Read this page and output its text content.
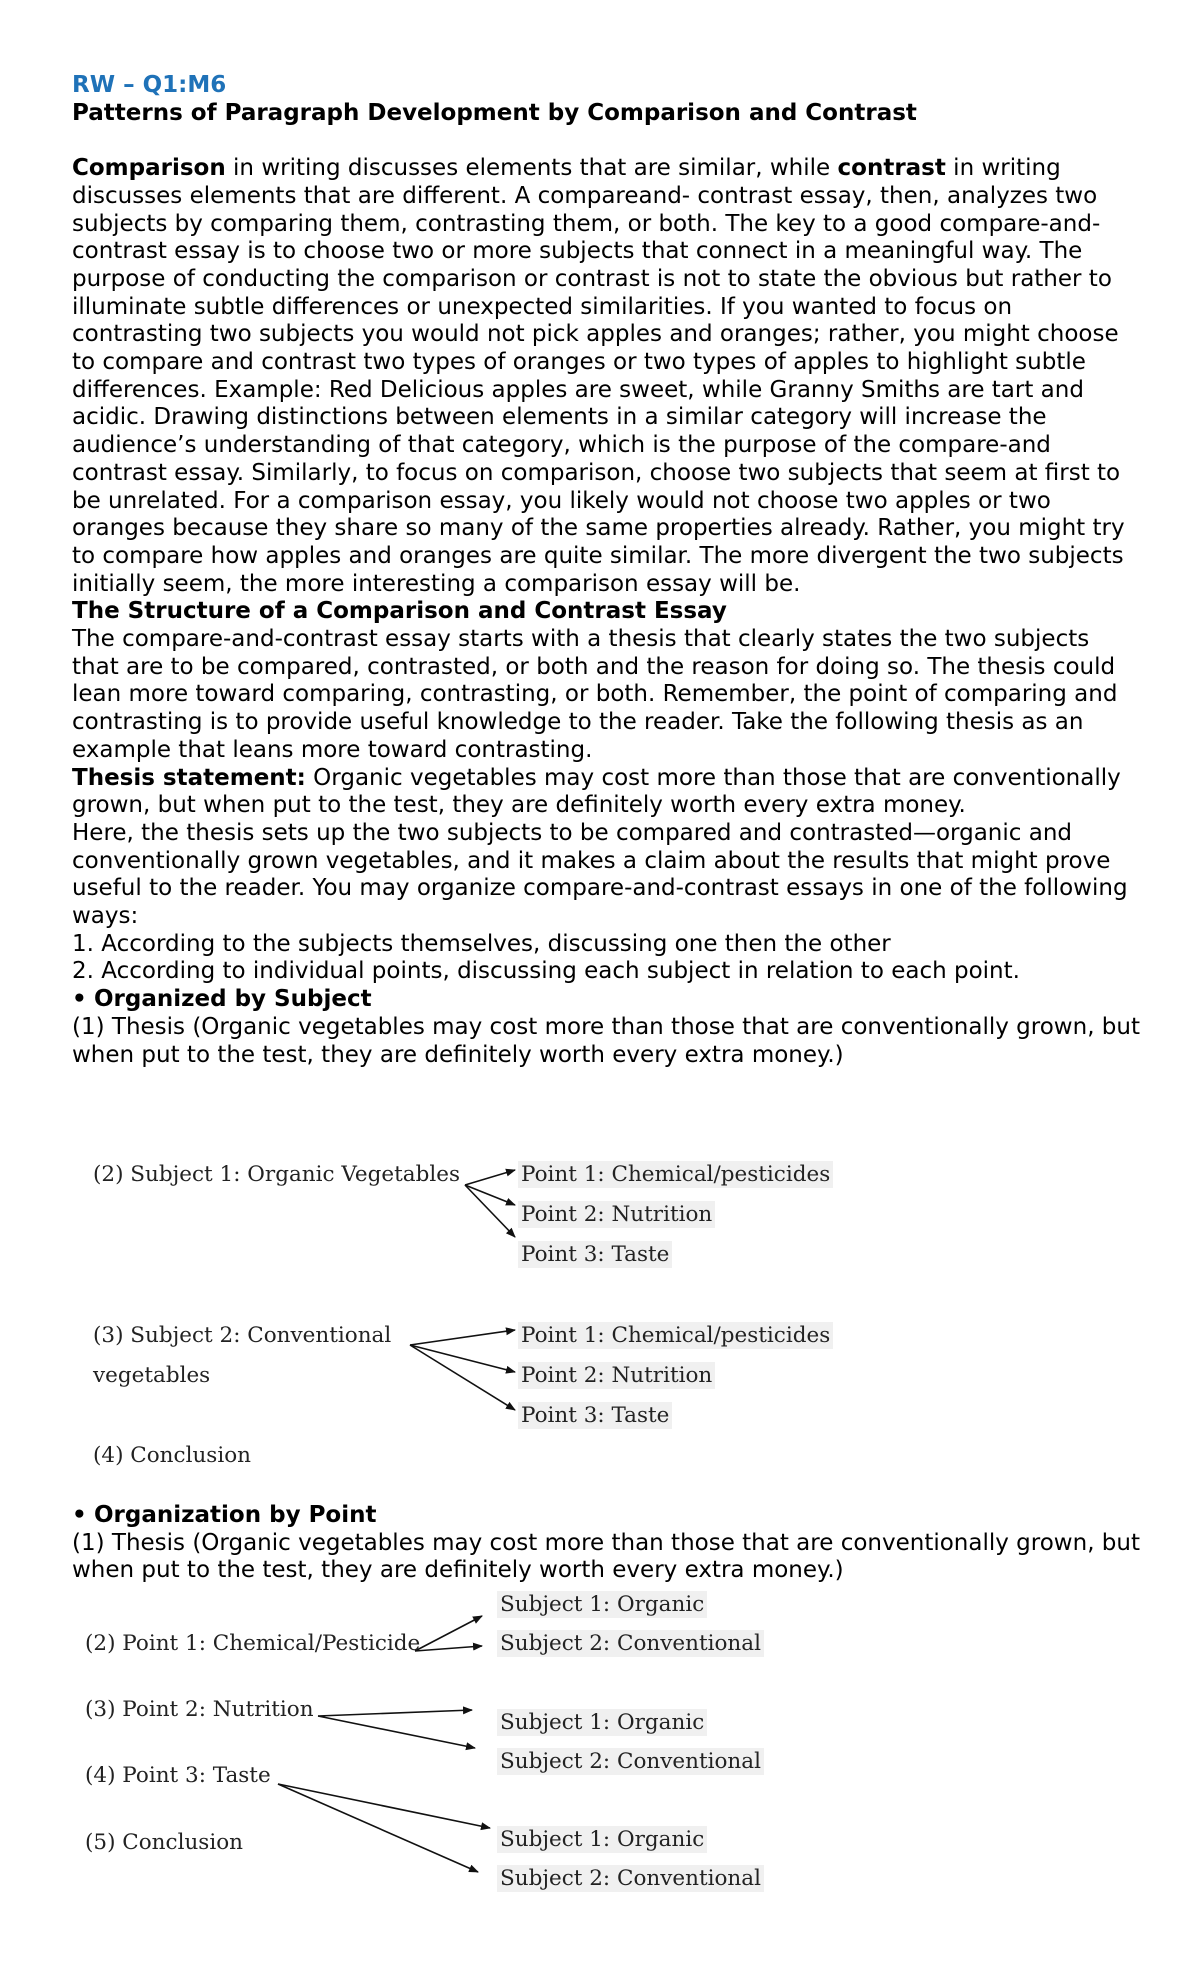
RW – Q1:M6

Patterns of Paragraph Development by Comparison and Contrast

Comparison in writing discusses elements that are similar, while contrast in writing discusses elements that are different. A compareand- contrast essay, then, analyzes two subjects by comparing them, contrasting them, or both. The key to a good compare-and-contrast essay is to choose two or more subjects that connect in a meaningful way. The purpose of conducting the comparison or contrast is not to state the obvious but rather to illuminate subtle differences or unexpected similarities. If you wanted to focus on contrasting two subjects you would not pick apples and oranges; rather, you might choose to compare and contrast two types of oranges or two types of apples to highlight subtle differences. Example: Red Delicious apples are sweet, while Granny Smiths are tart and acidic. Drawing distinctions between elements in a similar category will increase the audience’s understanding of that category, which is the purpose of the compare-and contrast essay. Similarly, to focus on comparison, choose two subjects that seem at first to be unrelated. For a comparison essay, you likely would not choose two apples or two oranges because they share so many of the same properties already. Rather, you might try to compare how apples and oranges are quite similar. The more divergent the two subjects initially seem, the more interesting a comparison essay will be.

The Structure of a Comparison and Contrast Essay

The compare-and-contrast essay starts with a thesis that clearly states the two subjects that are to be compared, contrasted, or both and the reason for doing so. The thesis could lean more toward comparing, contrasting, or both. Remember, the point of comparing and contrasting is to provide useful knowledge to the reader. Take the following thesis as an example that leans more toward contrasting.

Thesis statement: Organic vegetables may cost more than those that are conventionally grown, but when put to the test, they are definitely worth every extra money.

Here, the thesis sets up the two subjects to be compared and contrasted—organic and conventionally grown vegetables, and it makes a claim about the results that might prove useful to the reader. You may organize compare-and-contrast essays in one of the following ways:

1. According to the subjects themselves, discussing one then the other

2. According to individual points, discussing each subject in relation to each point.

• Organized by Subject

(1) Thesis (Organic vegetables may cost more than those that are conventionally grown, but when put to the test, they are definitely worth every extra money.)

(2) Subject 1: Organic Vegetables	Point 1: Chemical/pesticides
Point 2: Nutrition
Point 3: Taste
(3) Subject 2: Conventional
vegetables
Point 1: Chemical/pesticides
Point 2: Nutrition
Point 3: Taste
(4) Conclusion

• Organization by Point

(1) Thesis (Organic vegetables may cost more than those that are conventionally grown, but when put to the test, they are definitely worth every extra money.)

Subject 1: Organic
(2) Point 1: Chemical/Pesticide	Subject 2: Conventional
(3) Point 2: Nutrition
Subject 1: Organic
Subject 2: Conventional
(4) Point 3: Taste
(5) Conclusion	Subject 1: Organic
Subject 2: Conventional
